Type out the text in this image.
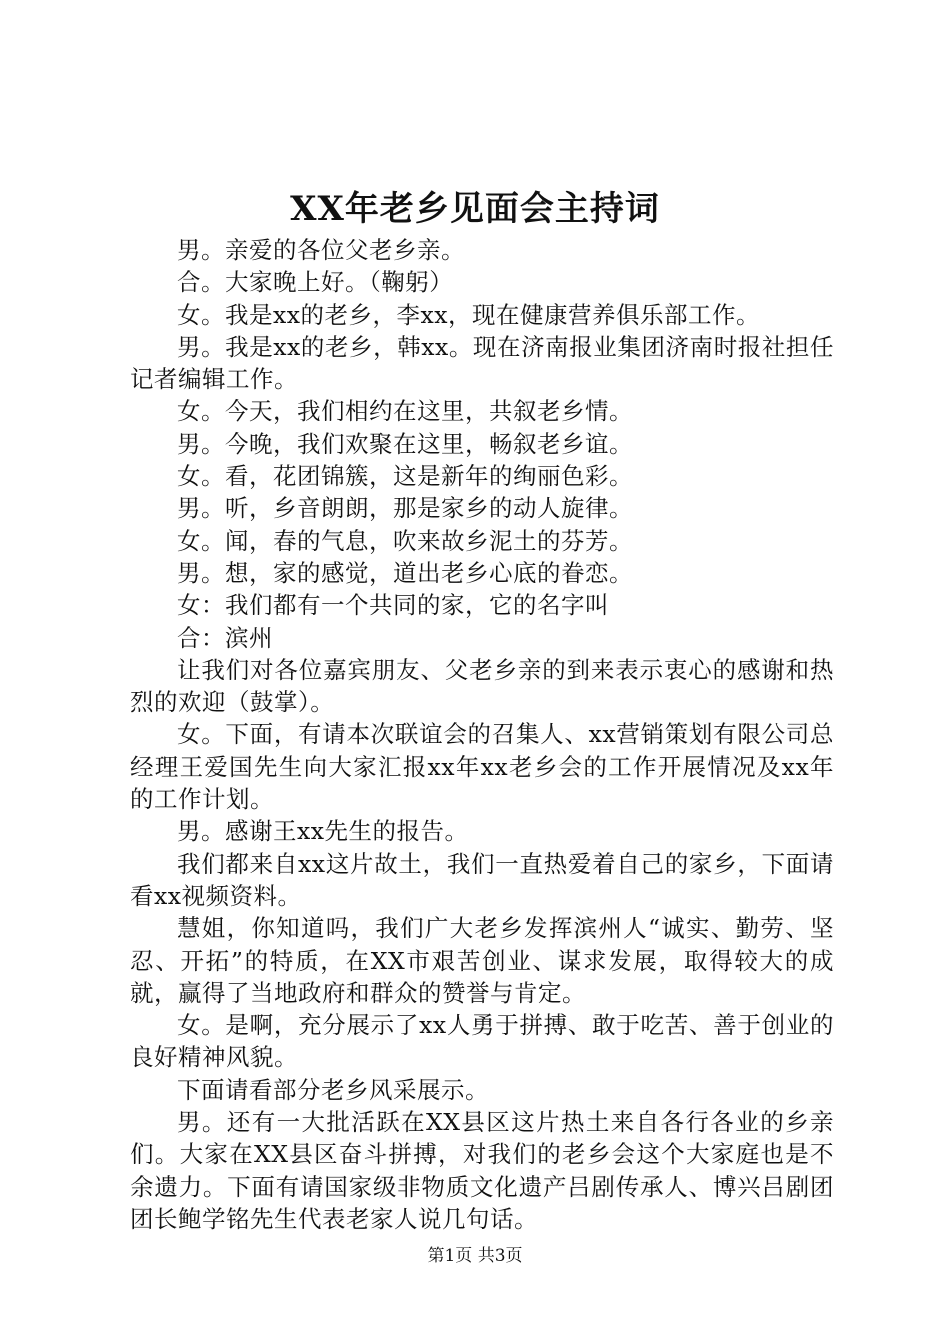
XX年老乡见面会主持词

男。亲爱的各位父老乡亲。

合。大家晚上好。（鞠躬）

女。我是xx的老乡，李xx，现在健康营养俱乐部工作。

男。我是xx的老乡，韩xx。现在济南报业集团济南时报社担任记者编辑工作。

女。今天，我们相约在这里，共叙老乡情。

男。今晚，我们欢聚在这里，畅叙老乡谊。

女。看，花团锦簇，这是新年的绚丽色彩。

男。听，乡音朗朗，那是家乡的动人旋律。

女。闻，春的气息，吹来故乡泥土的芬芳。

男。想，家的感觉，道出老乡心底的眷恋。

女：我们都有一个共同的家，它的名字叫

合：滨州

让我们对各位嘉宾朋友、父老乡亲的到来表示衷心的感谢和热烈的欢迎（鼓掌）。

女。下面，有请本次联谊会的召集人、xx营销策划有限公司总经理王爱国先生向大家汇报xx年xx老乡会的工作开展情况及xx年的工作计划。

男。感谢王xx先生的报告。

我们都来自xx这片故土，我们一直热爱着自己的家乡，下面请看xx视频资料。

慧姐，你知道吗，我们广大老乡发挥滨州人“诚实、勤劳、坚忍、开拓”的特质，在XX市艰苦创业、谋求发展，取得较大的成就，赢得了当地政府和群众的赞誉与肯定。

女。是啊，充分展示了xx人勇于拼搏、敢于吃苦、善于创业的良好精神风貌。

下面请看部分老乡风采展示。

男。还有一大批活跃在XX县区这片热土来自各行各业的乡亲们。大家在XX县区奋斗拼搏，对我们的老乡会这个大家庭也是不余遗力。下面有请国家级非物质文化遗产吕剧传承人、博兴吕剧团团长鲍学铭先生代表老家人说几句话。

第1页 共3页
